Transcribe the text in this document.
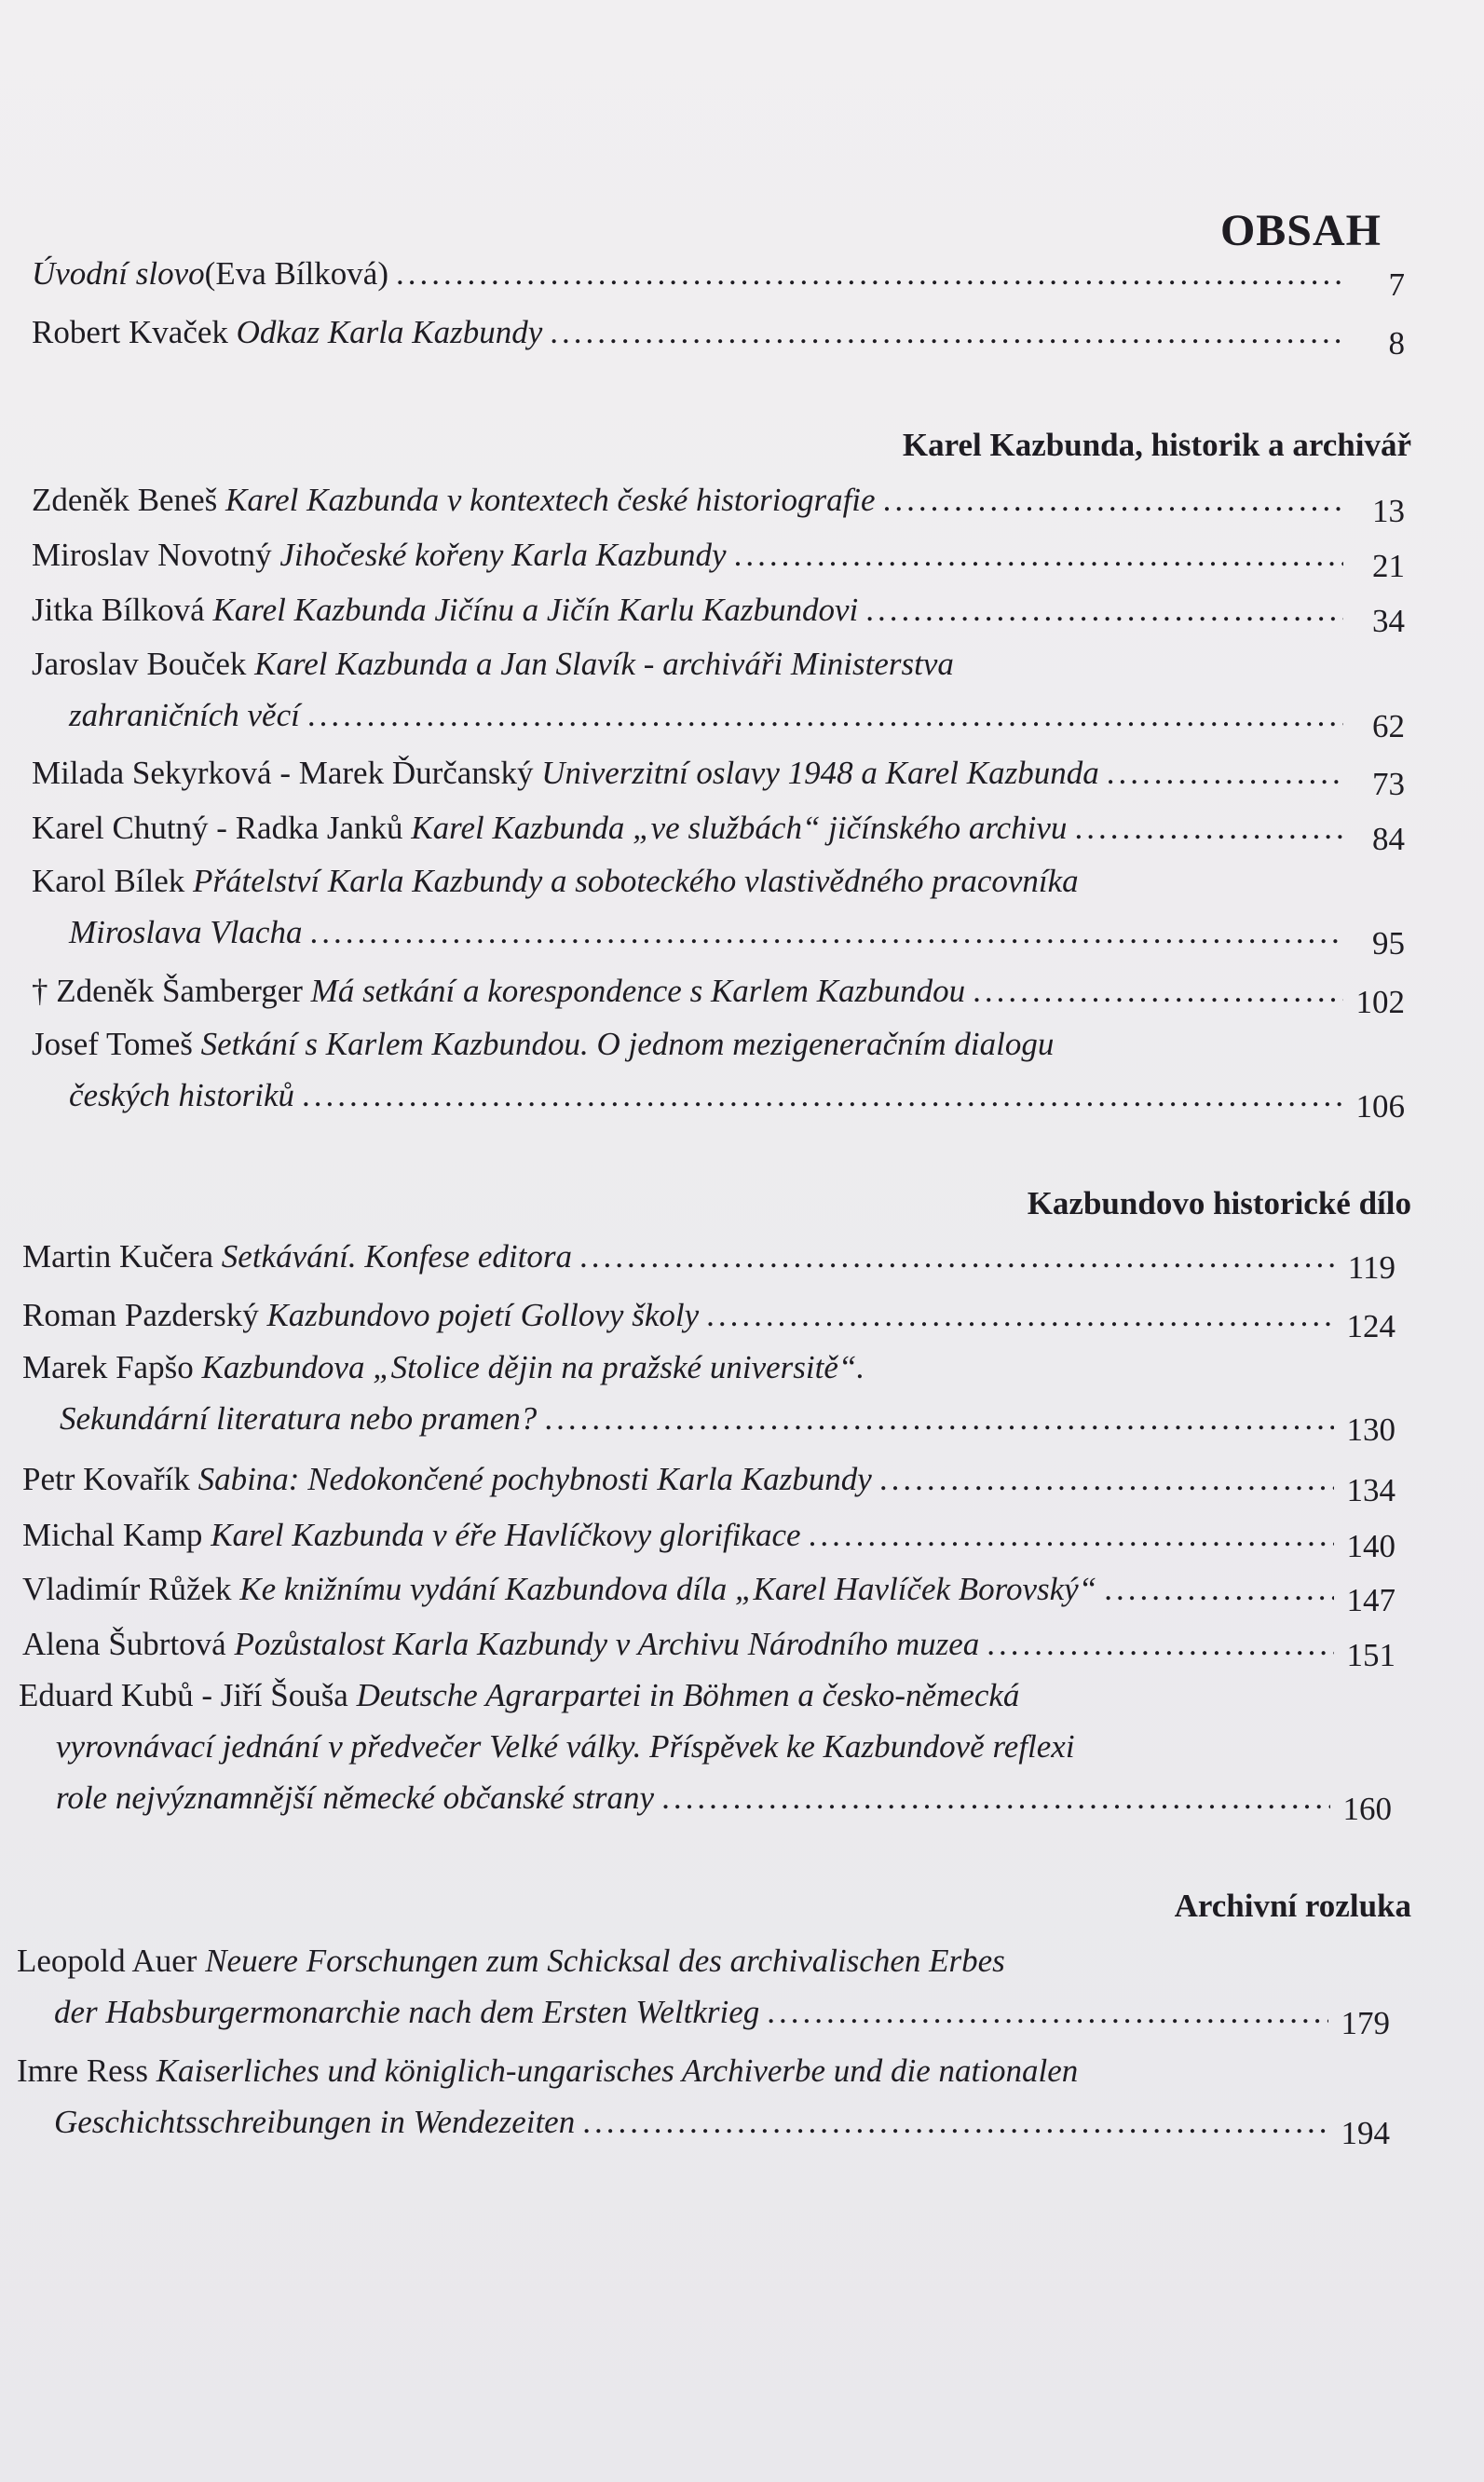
OBSAH
Úvodní slovo (Eva Bílková) .....	7
Robert Kvaček
Odkaz Karla Kazbundy .....	8
Karel Kazbunda, historik a archivář
Zdeněk Beneš
Karel Kazbunda v kontextech české historiografie .....	13
Miroslav Novotný
Jihočeské kořeny Karla Kazbundy .....	21
Jitka Bílková
Karel Kazbunda Jičínu a Jičín Karlu Kazbundovi .....	34
Jaroslav Bouček
Karel Kazbunda a Jan Slavík - archiváři Ministerstva
zahraničních věcí .....	62
Milada Sekyrková - Marek Ďurčanský
Univerzitní oslavy 1948 a Karel Kazbunda .....	73
Karel Chutný - Radka Janků
Karel Kazbunda „ve službách“ jičínského archivu .....	84
Karol Bílek
Přátelství Karla Kazbundy a soboteckého vlastivědného pracovníka
Miroslava Vlacha .....	95
† Zdeněk Šamberger
Má setkání a korespondence s Karlem Kazbundou .....	102
Josef Tomeš
Setkání s Karlem Kazbundou. O jednom mezigeneračním dialogu
českých historiků .....	106
Kazbundovo historické dílo
Martin Kučera
Setkávání. Konfese editora .....	119
Roman Pazderský
Kazbundovo pojetí Gollovy školy .....	124
Marek Fapšo
Kazbundova „Stolice dějin na pražské universitě“.
Sekundární literatura nebo pramen? .....	130
Petr Kovařík
Sabina: Nedokončené pochybnosti Karla Kazbundy .....	134
Michal Kamp
Karel Kazbunda v éře Havlíčkovy glorifikace .....	140
Vladimír Růžek
Ke knižnímu vydání Kazbundova díla „Karel Havlíček Borovský“ .....	147
Alena Šubrtová
Pozůstalost Karla Kazbundy v Archivu Národního muzea .....	151
Eduard Kubů - Jiří Šouša
Deutsche Agrarpartei in Böhmen a česko-německá
vyrovnávací jednání v předvečer Velké války. Příspěvek ke Kazbundově reflexi
role nejvýznamnější německé občanské strany .....	160
Archivní rozluka
Leopold Auer
Neuere Forschungen zum Schicksal des archivalischen Erbes
der Habsburgermonarchie nach dem Ersten Weltkrieg .....	179
Imre Ress
Kaiserliches und königlich-ungarisches Archiverbe und die nationalen
Geschichtsschreibungen in Wendezeiten .....	194
